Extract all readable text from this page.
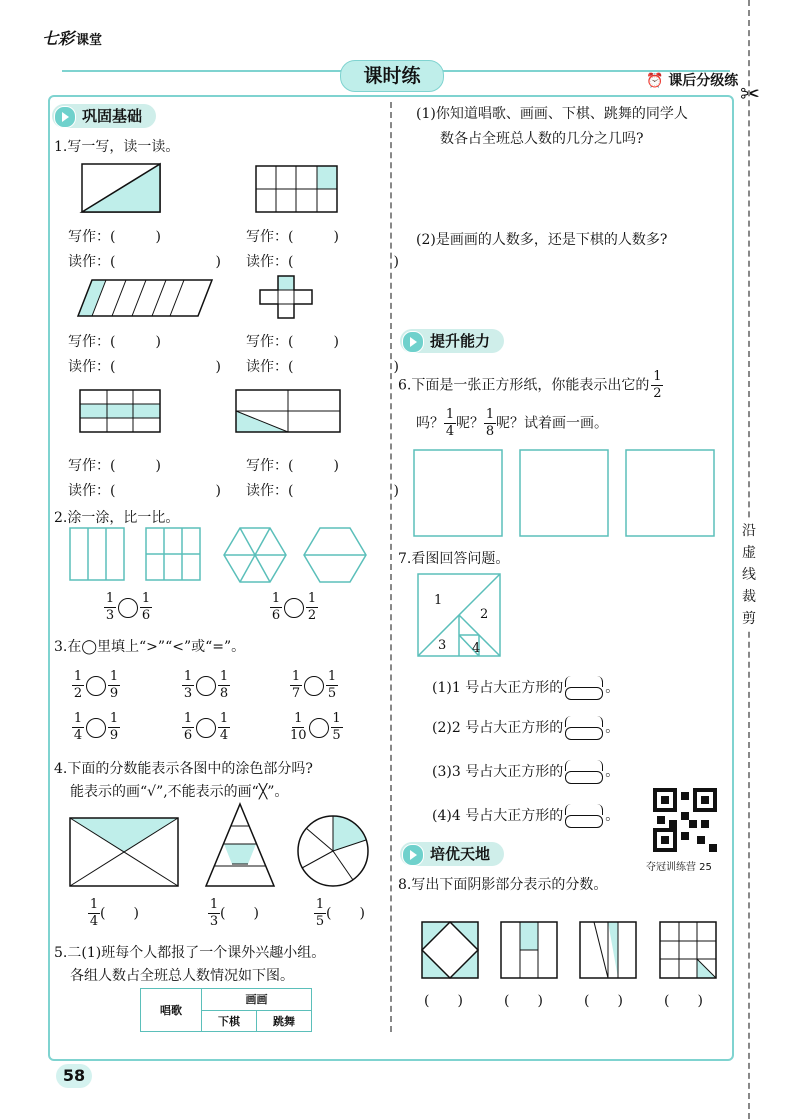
七彩 课堂
课时练	⏰ 课后分级练 ✂
沿
虚
线
裁
剪
58
巩固基础
1.写一写，读一读。
写作：(	)
读作：(	)
写作：(	)
读作：(	)
写作：(	)
读作：(	)
写作：(	)
读作：(	)
写作：(	)
读作：(	)
写作：(	)
读作：(	)
2.涂一涂，比一比。
$\frac{1}{3} \frac{1}{6}$	$\frac{1}{6} \frac{1}{2}$
3.在◯里填上“>”“<”或“=”。
$\frac{1}{2} \frac{1}{9}$	$\frac{1}{3} \frac{1}{8}$	$\frac{1}{7} \frac{1}{5}$
$\frac{1}{4} \frac{1}{9}$	$\frac{1}{6} \frac{1}{4}$	$\frac{1}{10} \frac{1}{5}$
4.下面的分数能表示各图中的涂色部分吗?
能表示的画“√”,不能表示的画“╳”。
$\frac{1}{4}$ (　　)	$\frac{1}{3}$ (　　)	$\frac{1}{5}$ (　　)
5.二(1)班每个人都报了一个课外兴趣小组。
各组人数占全班总人数情况如下图。
唱歌	画画	
	下棋	跳舞
(1)你知道唱歌、画画、下棋、跳舞的同学人
数各占全班总人数的几分之几吗?
(2)是画画的人数多，还是下棋的人数多?
提升能力
6.下面是一张正方形纸，你能表示出它的 $\frac{1}{2}$
吗？ $\frac{1}{4}$ 呢？ $\frac{1}{8}$ 呢？试着画一画。
7.看图回答问题。
1
2
3 4
(1)1 号占大正方形的	。
(2)2 号占大正方形的	。
(3)3 号占大正方形的	。
(4)4 号占大正方形的	。
夺冠训练营 25
培优天地
8.写出下面阴影部分表示的分数。
(　　)	(　　)	(　　)	(　　)
